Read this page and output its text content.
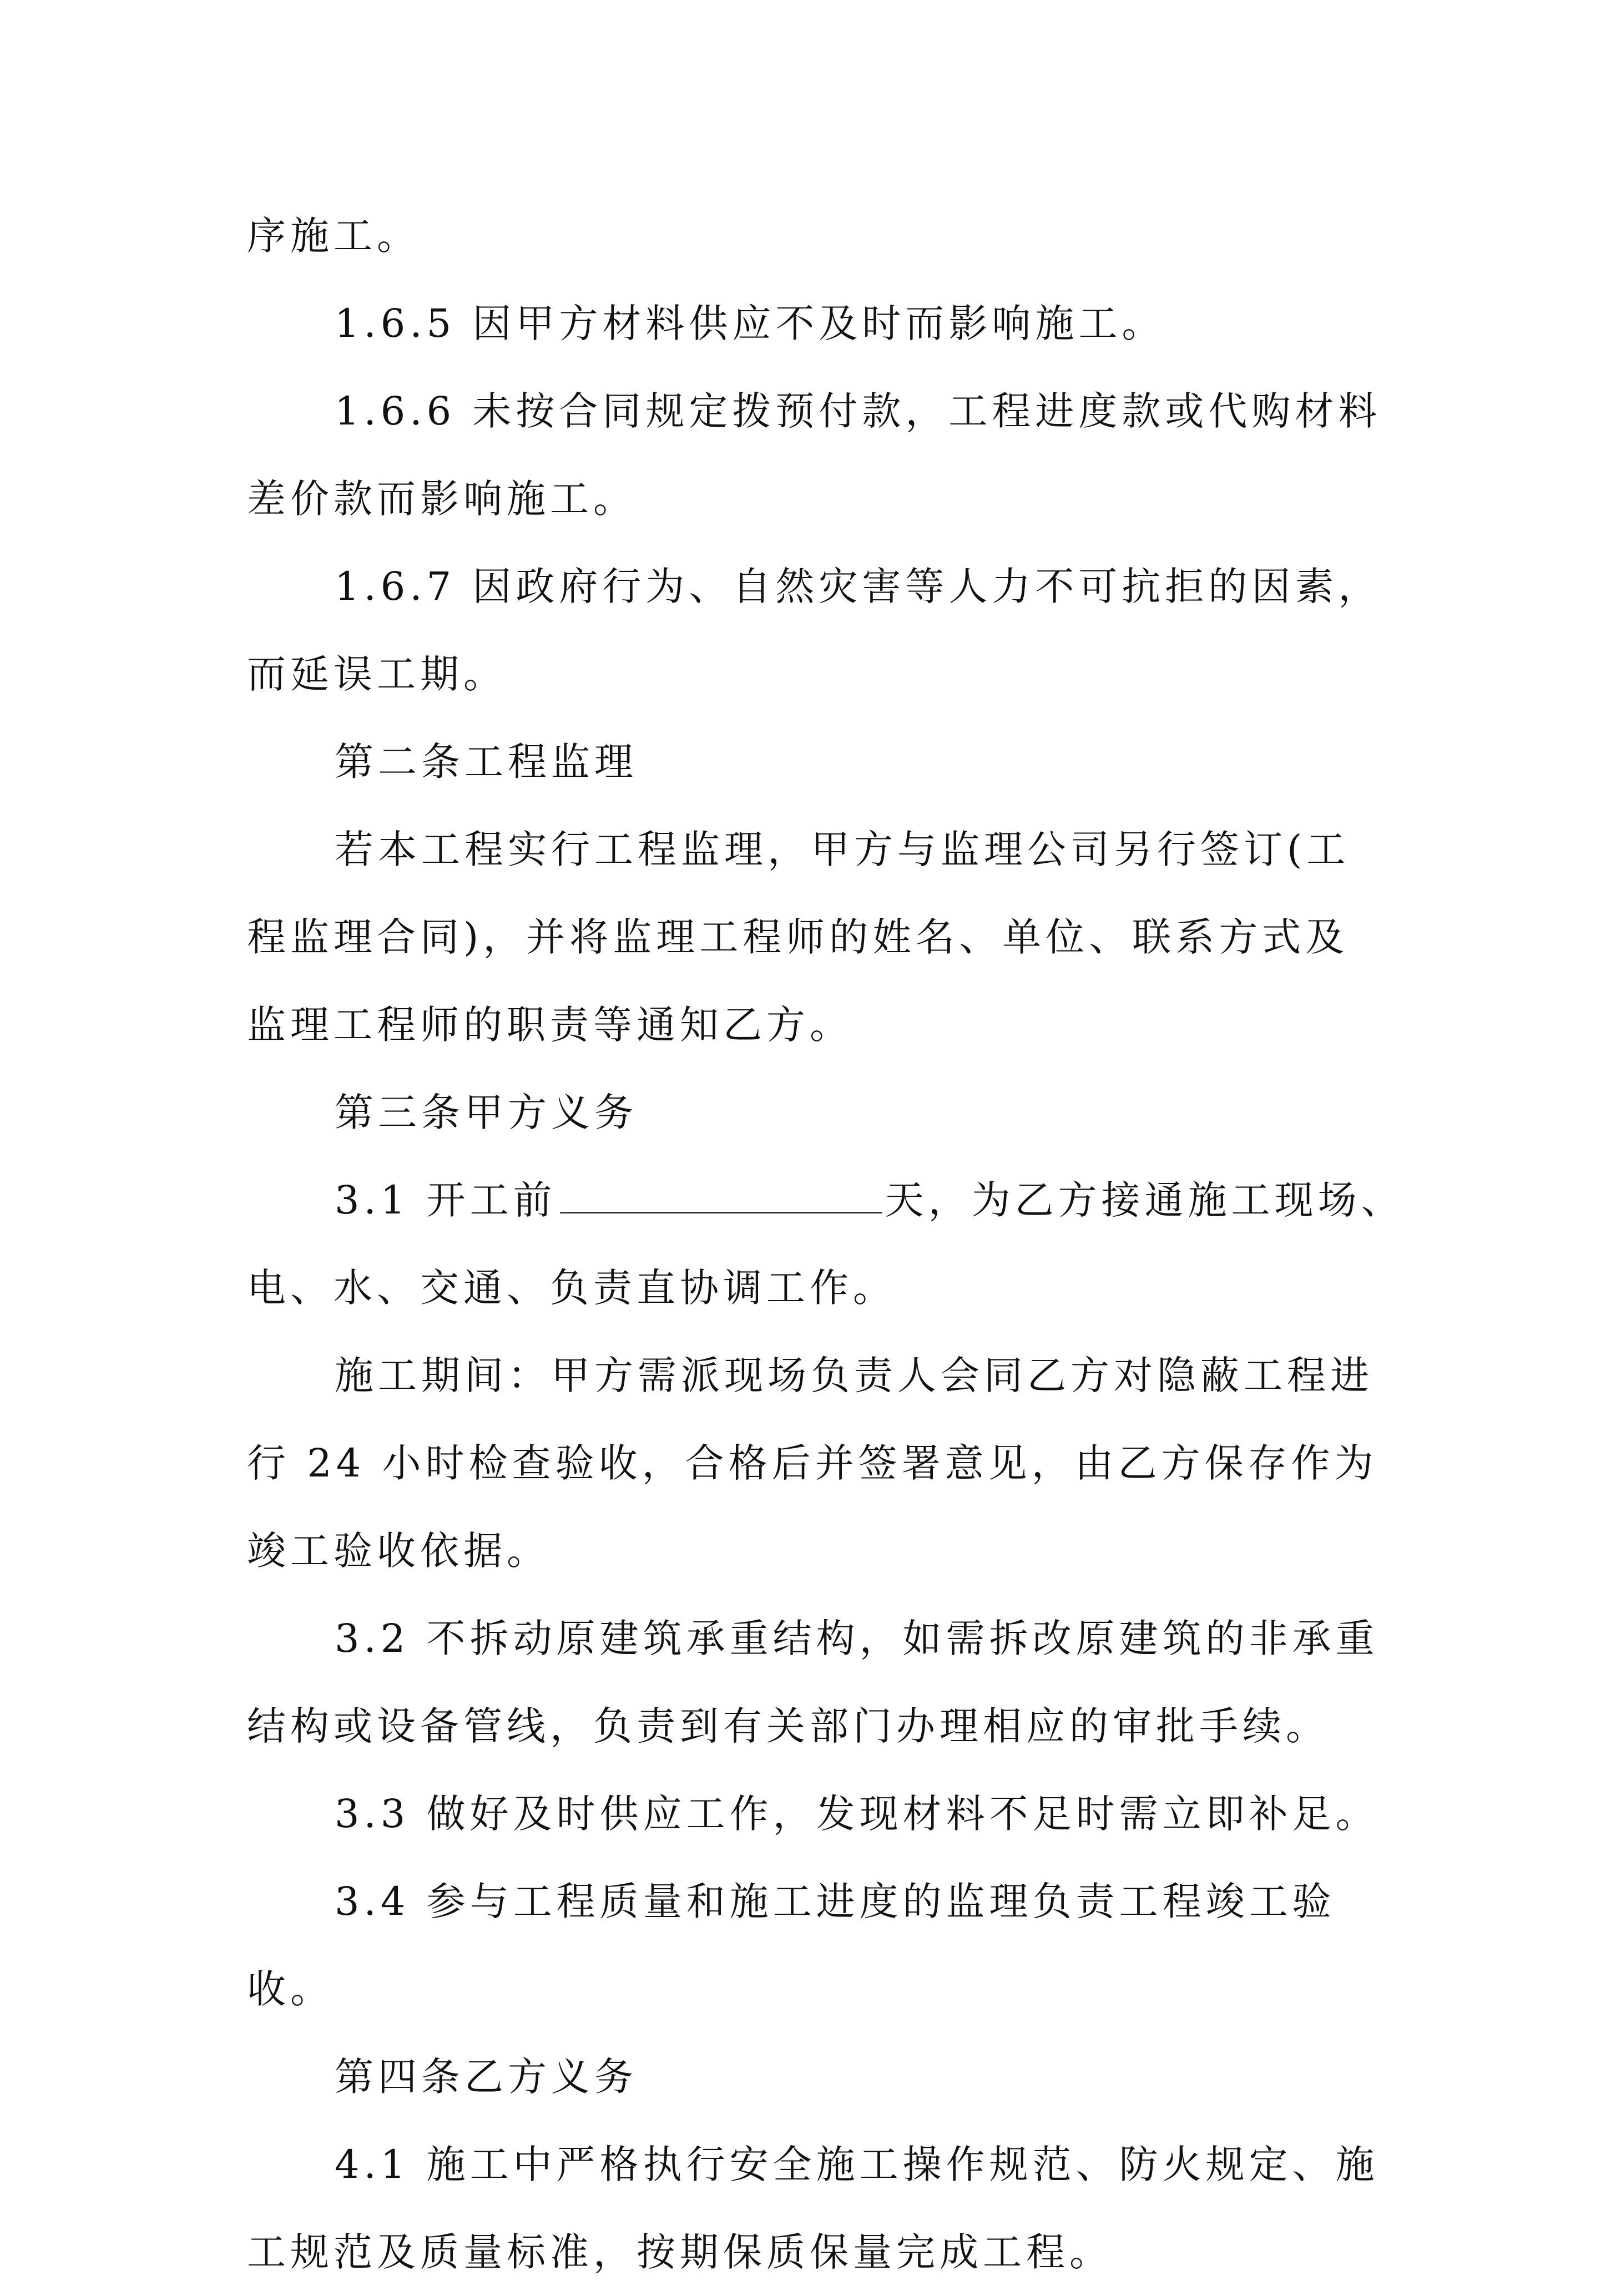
序施工。
1.6.5 因甲方材料供应不及时而影响施工。
1.6.6 未按合同规定拨预付款，工程进度款或代购材料
差价款而影响施工。
1.6.7 因政府行为、自然灾害等人力不可抗拒的因素，
而延误工期。
第二条工程监理
若本工程实行工程监理，甲方与监理公司另行签订(工
程监理合同)，并将监理工程师的姓名、单位、联系方式及
监理工程师的职责等通知乙方。
第三条甲方义务
3.1 开工前	天，为乙方接通施工现场、
电、水、交通、负责直协调工作。
施工期间：甲方需派现场负责人会同乙方对隐蔽工程进
行 24 小时检查验收，合格后并签署意见，由乙方保存作为
竣工验收依据。
3.2 不拆动原建筑承重结构，如需拆改原建筑的非承重
结构或设备管线，负责到有关部门办理相应的审批手续。
3.3 做好及时供应工作，发现材料不足时需立即补足。
3.4 参与工程质量和施工进度的监理负责工程竣工验
收。
第四条乙方义务
4.1 施工中严格执行安全施工操作规范、防火规定、施
工规范及质量标准，按期保质保量完成工程。
